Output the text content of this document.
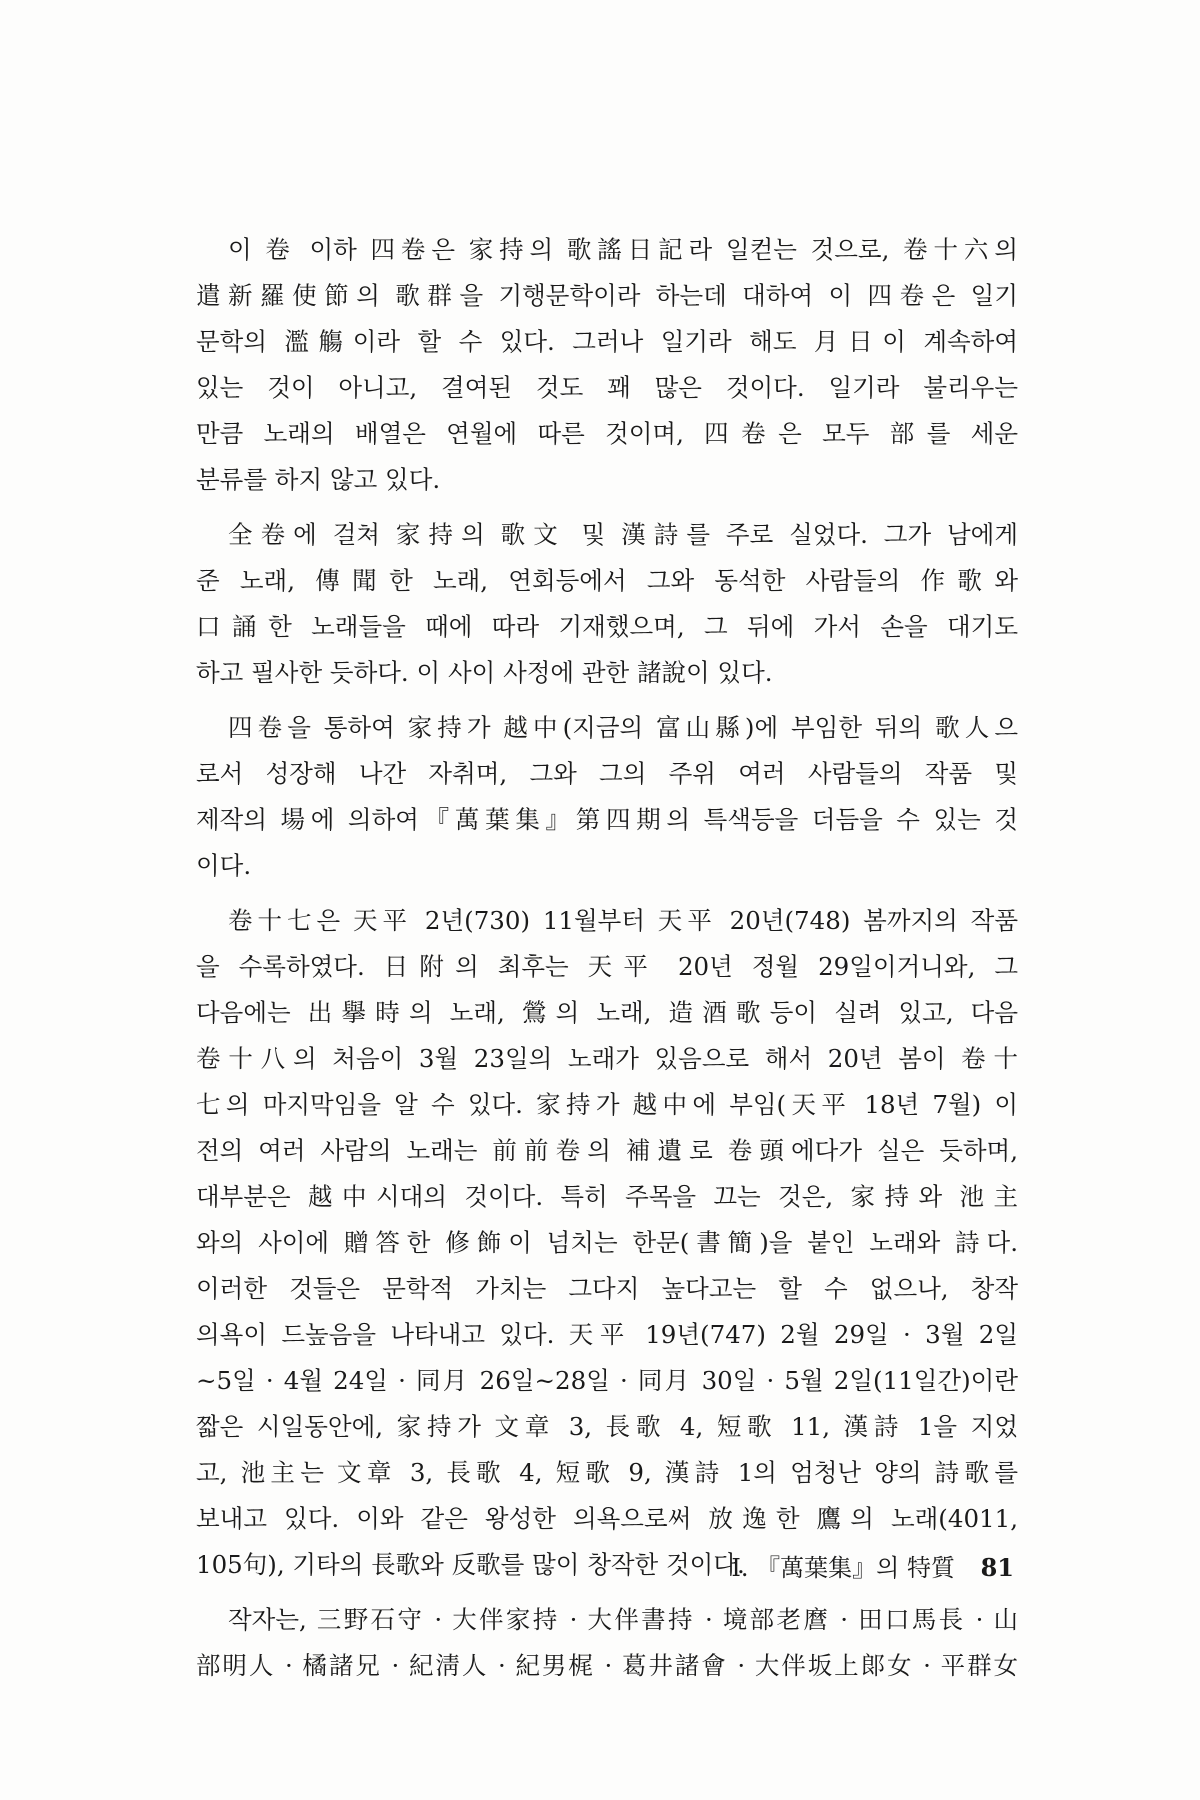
이 卷 이하 四卷은 家持의 歌謠日記라 일컫는 것으로, 卷十六의
遣新羅使節의 歌群을 기행문학이라 하는데 대하여 이 四卷은 일기
문학의 濫觴이라 할 수 있다. 그러나 일기라 해도 月日이 계속하여
있는 것이 아니고, 결여된 것도 꽤 많은 것이다. 일기라 불리우는
만큼 노래의 배열은 연월에 따른 것이며, 四卷은 모두 部를 세운
분류를 하지 않고 있다.
全卷에 걸쳐 家持의 歌文 및 漢詩를 주로 실었다. 그가 남에게
준 노래, 傳聞한 노래, 연회등에서 그와 동석한 사람들의 作歌와
口誦한 노래들을 때에 따라 기재했으며, 그 뒤에 가서 손을 대기도
하고 필사한 듯하다. 이 사이 사정에 관한 諸說이 있다.
四卷을 통하여 家持가 越中(지금의 富山縣)에 부임한 뒤의 歌人으
로서 성장해 나간 자취며, 그와 그의 주위 여러 사람들의 작품 및
제작의 場에 의하여『萬葉集』第四期의 특색등을 더듬을 수 있는 것
이다.
卷十七은 天平 2년(730) 11월부터 天平 20년(748) 봄까지의 작품
을 수록하였다. 日附의 최후는 天平 20년 정월 29일이거니와, 그
다음에는 出擧時의 노래, 鶯의 노래, 造酒歌등이 실려 있고, 다음
卷十八의 처음이 3월 23일의 노래가 있음으로 해서 20년 봄이 卷十
七의 마지막임을 알 수 있다. 家持가 越中에 부임(天平 18년 7월) 이
전의 여러 사람의 노래는 前前卷의 補遺로 卷頭에다가 실은 듯하며,
대부분은 越中시대의 것이다. 특히 주목을 끄는 것은, 家持와 池主
와의 사이에 贈答한 修飾이 넘치는 한문(書簡)을 붙인 노래와 詩다.
이러한 것들은 문학적 가치는 그다지 높다고는 할 수 없으나, 창작
의욕이 드높음을 나타내고 있다. 天平 19년(747) 2월 29일 · 3월 2일
~5일 · 4월 24일 · 同月 26일~28일 · 同月 30일 · 5월 2일(11일간)이란
짧은 시일동안에, 家持가 文章 3, 長歌 4, 短歌 11, 漢詩 1을 지었
고, 池主는 文章 3, 長歌 4, 短歌 9, 漢詩 1의 엄청난 양의 詩歌를
보내고 있다. 이와 같은 왕성한 의욕으로써 放逸한 鷹의 노래(4011,
105句), 기타의 長歌와 反歌를 많이 창작한 것이다.
작자는, 三野石守 · 大伴家持 · 大伴書持 · 境部老麿 · 田口馬長 · 山
部明人 · 橘諸兄 · 紀淸人 · 紀男梶 · 葛井諸會 · 大伴坂上郞女 · 平群女
I. 『萬葉集』의 特質 81
